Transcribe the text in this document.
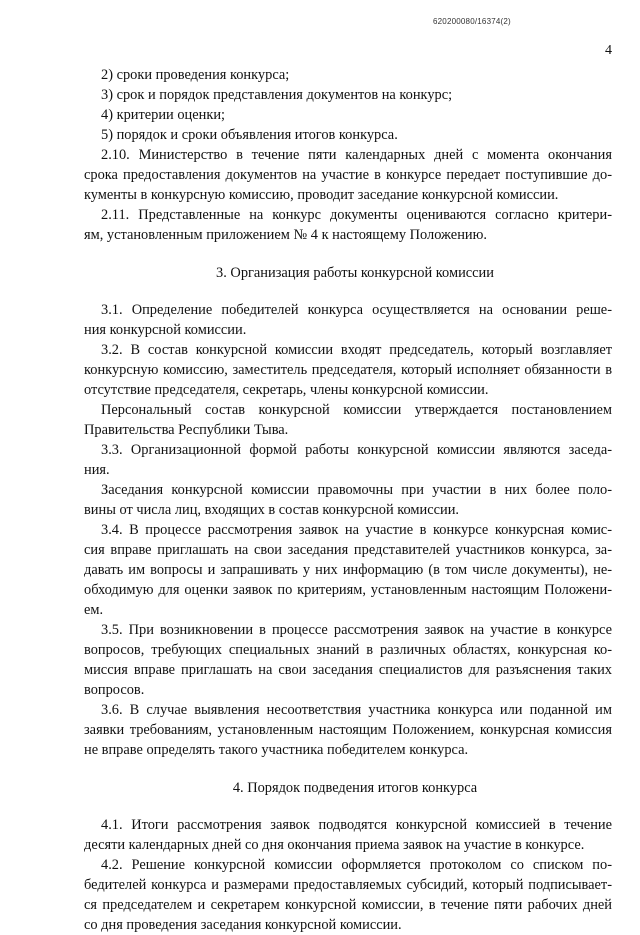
620200080/16374(2)
4
2) сроки проведения конкурса;
3) срок и порядок представления документов на конкурс;
4) критерии оценки;
5) порядок и сроки объявления итогов конкурса.
2.10. Министерство в течение пяти календарных дней с момента окончания
срока предоставления документов на участие в конкурсе передает поступившие до-
кументы в конкурсную комиссию, проводит заседание конкурсной комиссии.
2.11. Представленные на конкурс документы оцениваются согласно критери-
ям, установленным приложением № 4 к настоящему Положению.
3. Организация работы конкурсной комиссии
3.1. Определение победителей конкурса осуществляется на основании реше-
ния конкурсной комиссии.
3.2. В состав конкурсной комиссии входят председатель, который возглавляет
конкурсную комиссию, заместитель председателя, который исполняет обязанности в
отсутствие председателя, секретарь, члены конкурсной комиссии.
Персональный состав конкурсной комиссии утверждается постановлением
Правительства Республики Тыва.
3.3. Организационной формой работы конкурсной комиссии являются заседа-
ния.
Заседания конкурсной комиссии правомочны при участии в них более поло-
вины от числа лиц, входящих в состав конкурсной комиссии.
3.4. В процессе рассмотрения заявок на участие в конкурсе конкурсная комис-
сия вправе приглашать на свои заседания представителей участников конкурса, за-
давать им вопросы и запрашивать у них информацию (в том числе документы), не-
обходимую для оценки заявок по критериям, установленным настоящим Положени-
ем.
3.5. При возникновении в процессе рассмотрения заявок на участие в конкурсе
вопросов, требующих специальных знаний в различных областях, конкурсная ко-
миссия вправе приглашать на свои заседания специалистов для разъяснения таких
вопросов.
3.6. В случае выявления несоответствия участника конкурса или поданной им
заявки требованиям, установленным настоящим Положением, конкурсная комиссия
не вправе определять такого участника победителем конкурса.
4. Порядок подведения итогов конкурса
4.1. Итоги рассмотрения заявок подводятся конкурсной комиссией в течение
десяти календарных дней со дня окончания приема заявок на участие в конкурсе.
4.2. Решение конкурсной комиссии оформляется протоколом со списком по-
бедителей конкурса и размерами предоставляемых субсидий, который подписывает-
ся председателем и секретарем конкурсной комиссии, в течение пяти рабочих дней
со дня проведения заседания конкурсной комиссии.
